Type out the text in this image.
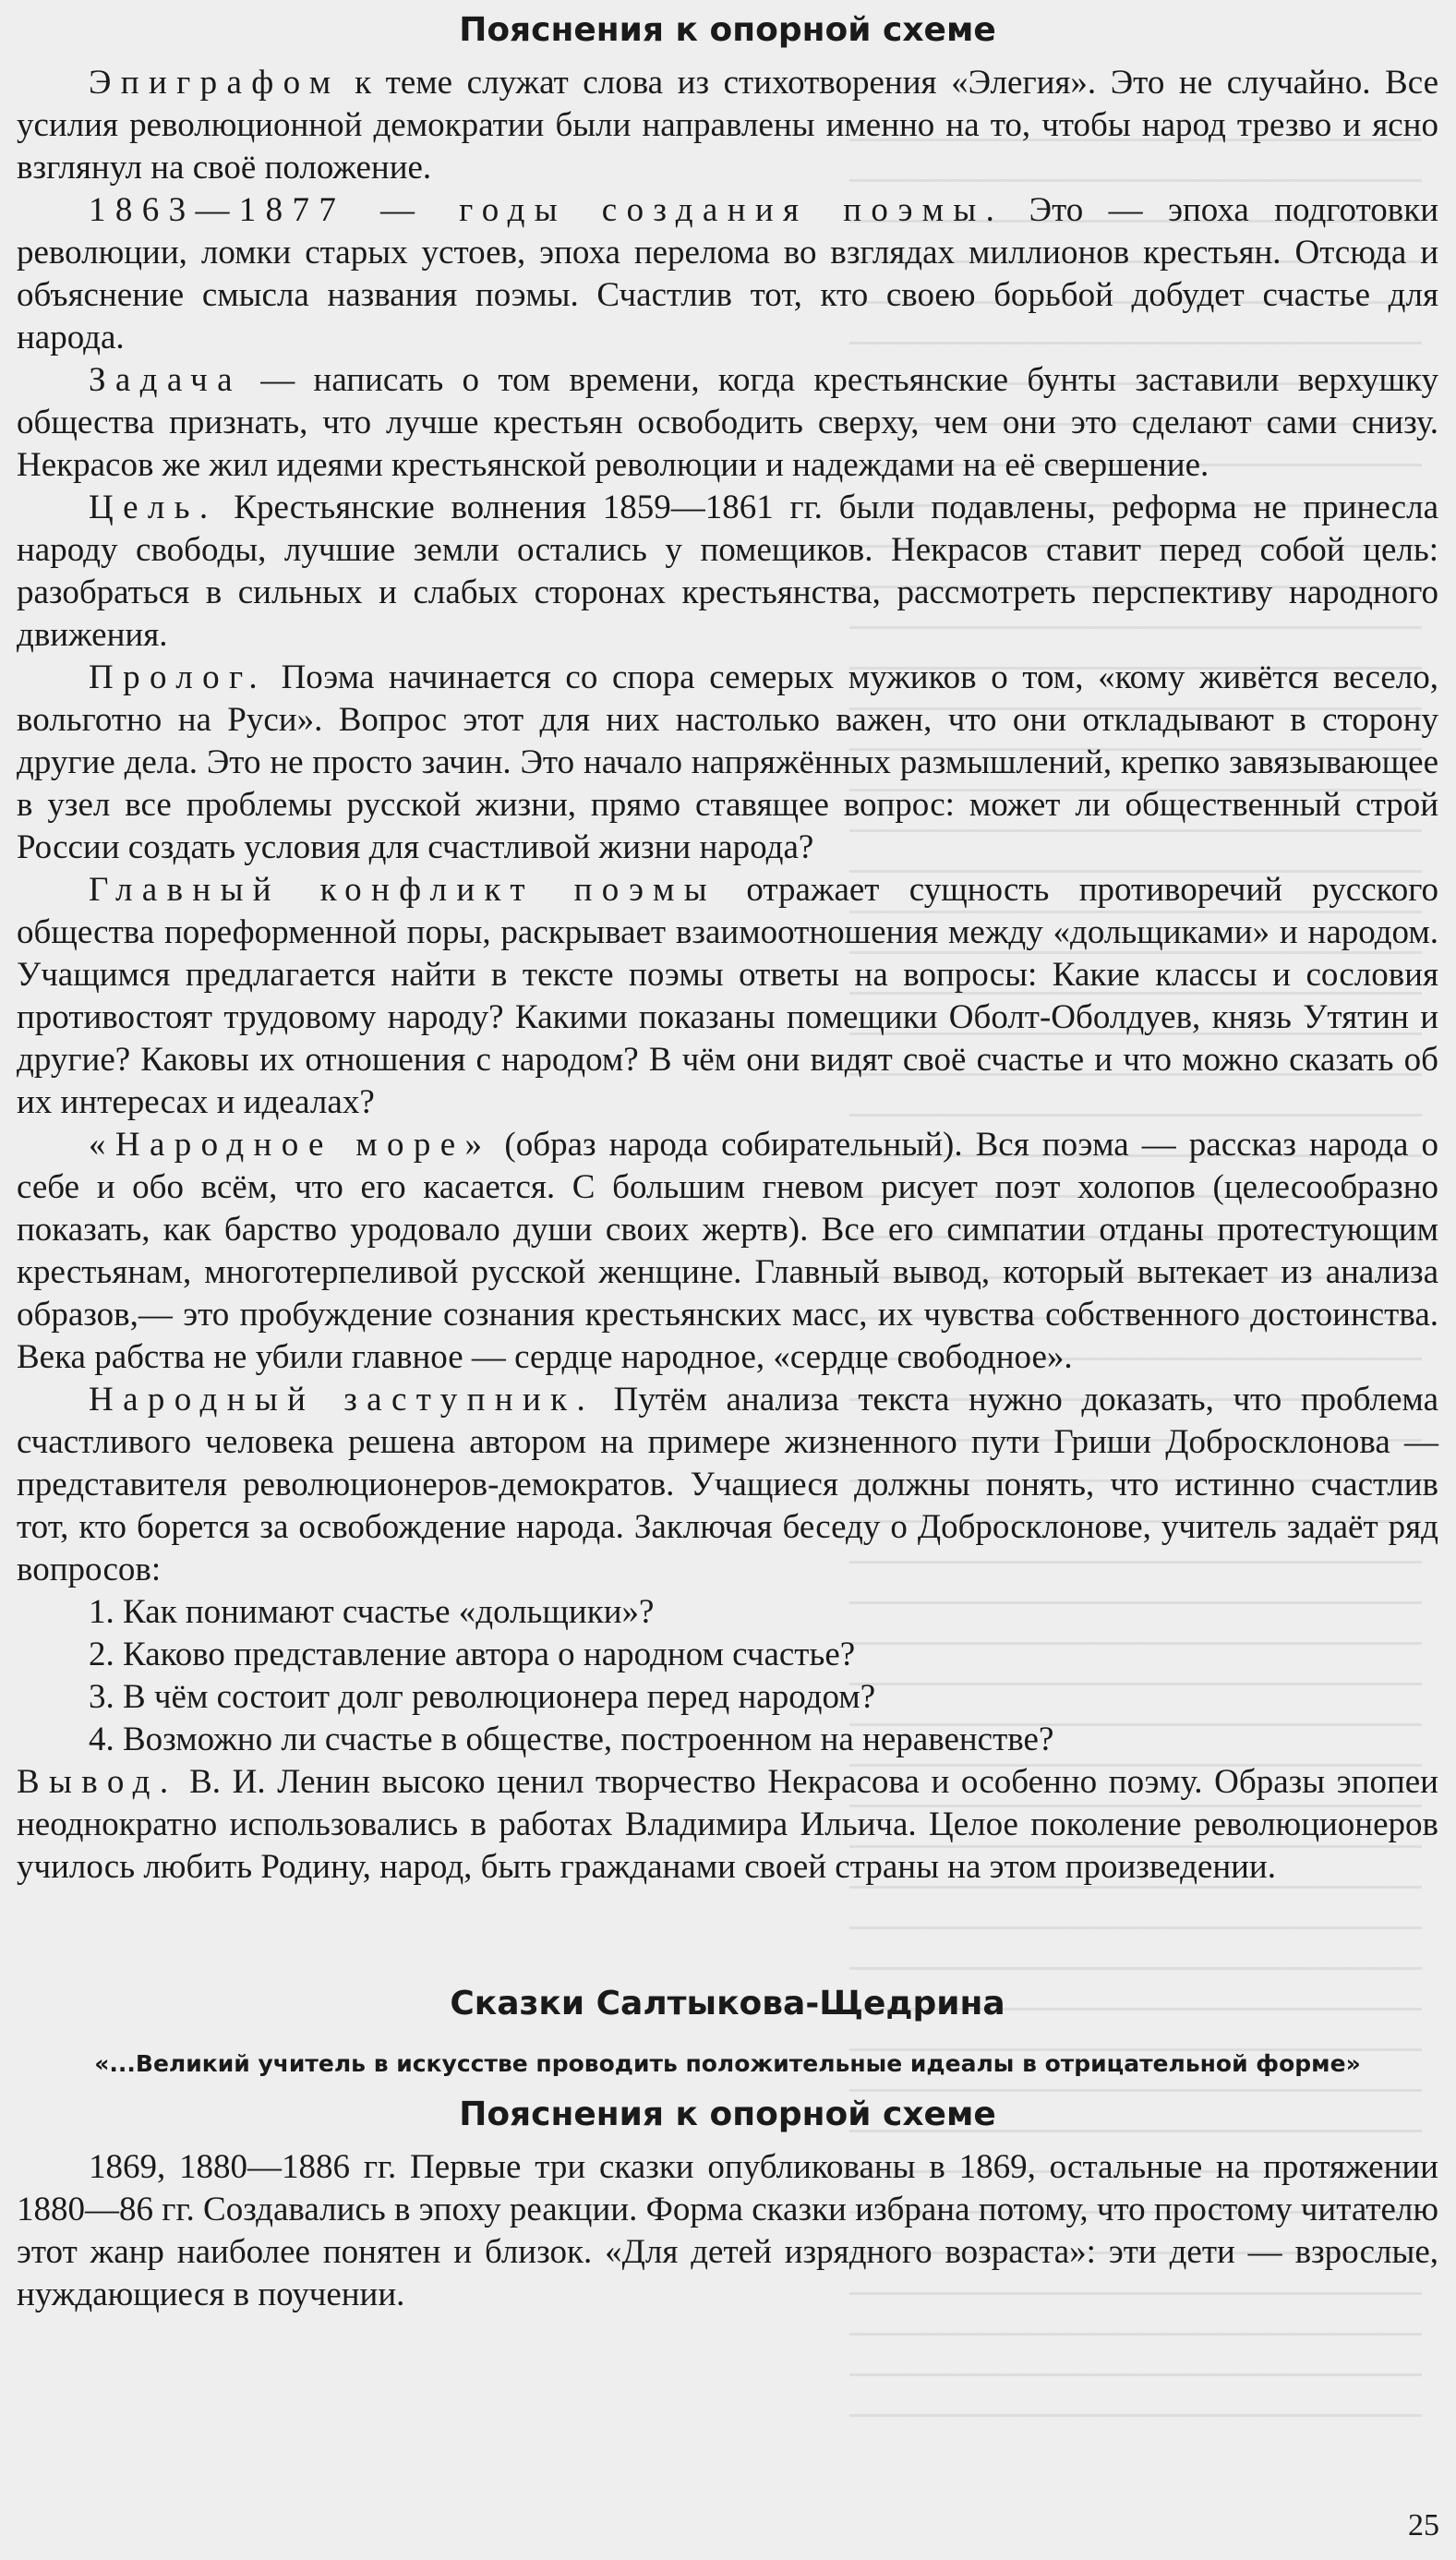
Пояснения к опорной схеме

Эпиграфом к теме служат слова из стихотворения «Элегия». Это не случайно. Все усилия революционной демократии были направлены именно на то, чтобы народ трезво и ясно взглянул на своё положение.

1863—1877 — годы создания поэмы. Это — эпоха подготовки революции, ломки старых устоев, эпоха перелома во взглядах миллионов крестьян. Отсюда и объяснение смысла названия поэмы. Счастлив тот, кто своею борьбой добудет счастье для народа.

Задача — написать о том времени, когда крестьянские бунты заставили верхушку общества признать, что лучше крестьян освободить сверху, чем они это сделают сами снизу. Некрасов же жил идеями крестьянской революции и надеждами на её свершение.

Цель. Крестьянские волнения 1859—1861 гг. были подавлены, реформа не принесла народу свободы, лучшие земли остались у помещиков. Некрасов ставит перед собой цель: разобраться в сильных и слабых сторонах крестьянства, рассмотреть перспективу народного движения.

Пролог. Поэма начинается со спора семерых мужиков о том, «кому живётся весело, вольготно на Руси». Вопрос этот для них настолько важен, что они откладывают в сторону другие дела. Это не просто зачин. Это начало напряжённых размышлений, крепко завязывающее в узел все проблемы русской жизни, прямо ставящее вопрос: может ли общественный строй России создать условия для счастливой жизни народа?

Главный конфликт поэмы отражает сущность противоречий русского общества пореформенной поры, раскрывает взаимоотношения между «дольщиками» и народом. Учащимся предлагается найти в тексте поэмы ответы на вопросы: Какие классы и сословия противостоят трудовому народу? Какими показаны помещики Оболт-Оболдуев, князь Утятин и другие? Каковы их отношения с народом? В чём они видят своё счастье и что можно сказать об их интересах и идеалах?

«Народное море» (образ народа собирательный). Вся поэма — рассказ народа о себе и обо всём, что его касается. С большим гневом рисует поэт холопов (целесообразно показать, как барство уродовало души своих жертв). Все его симпатии отданы протестующим крестьянам, многотерпеливой русской женщине. Главный вывод, который вытекает из анализа образов,— это пробуждение сознания крестьянских масс, их чувства собственного достоинства. Века рабства не убили главное — сердце народное, «сердце свободное».

Народный заступник. Путём анализа текста нужно доказать, что проблема счастливого человека решена автором на примере жизненного пути Гриши Добросклонова — представителя революционеров-демократов. Учащиеся должны понять, что истинно счастлив тот, кто борется за освобождение народа. Заключая беседу о Добросклонове, учитель задаёт ряд вопросов:

1. Как понимают счастье «дольщики»?

2. Каково представление автора о народном счастье?

3. В чём состоит долг революционера перед народом?

4. Возможно ли счастье в обществе, построенном на неравенстве?

Вывод. В. И. Ленин высоко ценил творчество Некрасова и особенно поэму. Образы эпопеи неоднократно использовались в работах Владимира Ильича. Целое поколение революционеров училось любить Родину, народ, быть гражданами своей страны на этом произведении.

Сказки Салтыкова-Щедрина
«...Великий учитель в искусстве проводить положительные идеалы в отрицательной форме»
Пояснения к опорной схеме

1869, 1880—1886 гг. Первые три сказки опубликованы в 1869, остальные на протяжении 1880—86 гг. Создавались в эпоху реакции. Форма сказки избрана потому, что простому читателю этот жанр наиболее понятен и близок. «Для детей изрядного возраста»: эти дети — взрослые, нуждающиеся в поучении.

25
